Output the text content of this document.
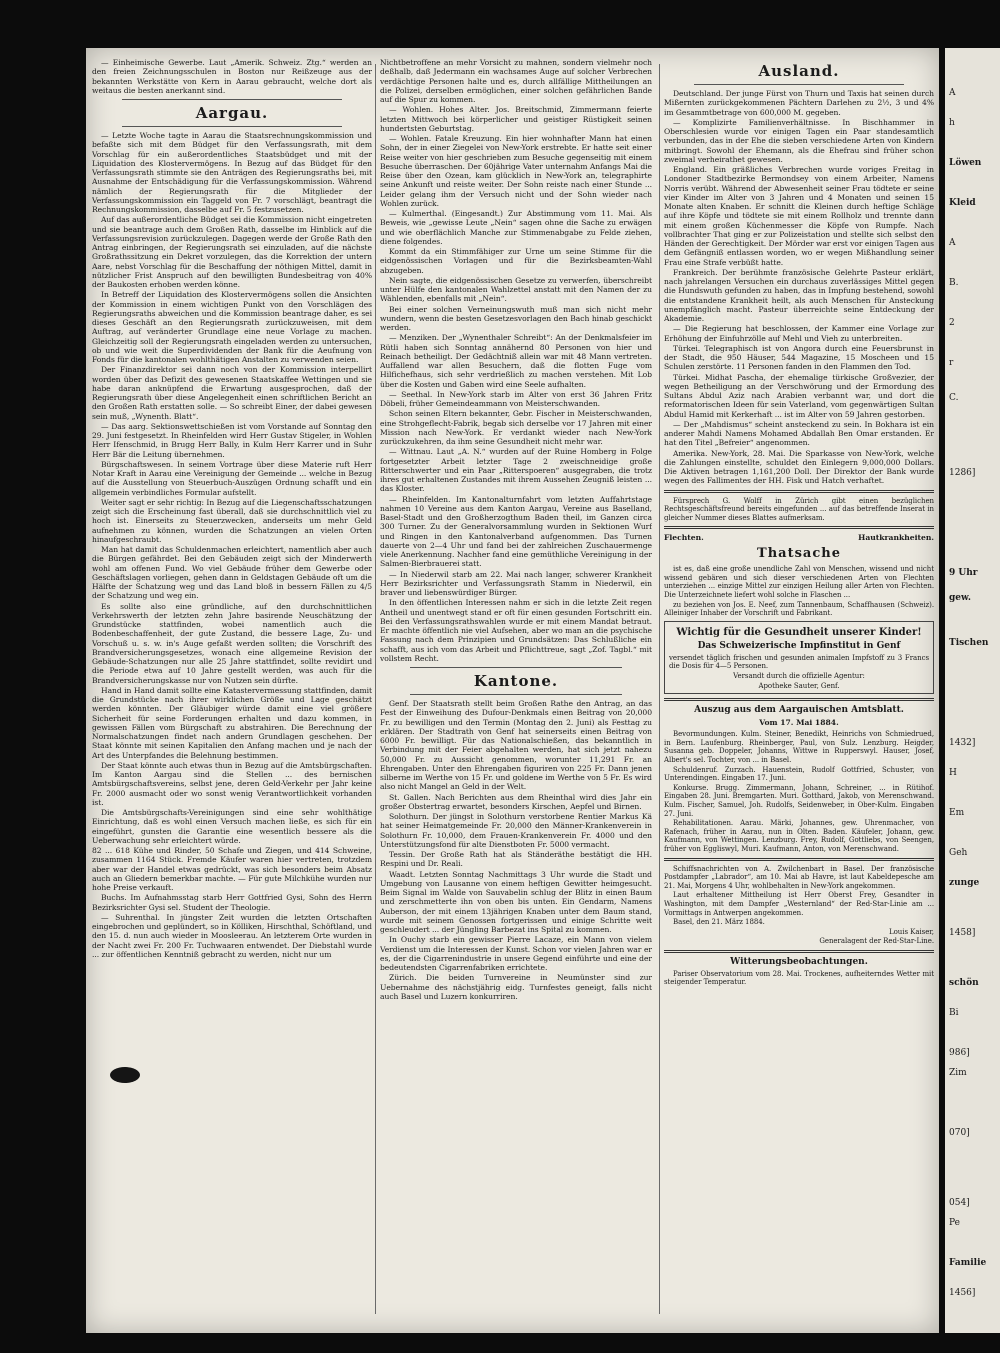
— Einheimische Gewerbe. Laut „Amerik. Schweiz. Ztg.“ werden an den freien Zeichnungsschulen in Boston nur Reißzeuge aus der bekannten Werkstätte von Kern in Aarau gebraucht, welche dort als weitaus die besten anerkannt sind.

Aargau.

— Letzte Woche tagte in Aarau die Staatsrechnungskommission und befaßte sich mit dem Büdget für den Verfassungsrath, mit dem Vorschlag für ein außerordentliches Staatsbüdget und mit der Liquidation des Klostervermögens. In Bezug auf das Büdget für den Verfassungsrath stimmte sie den Anträgen des Regierungsraths bei, mit Ausnahme der Entschädigung für die Verfassungskommission. Während nämlich der Regierungsrath für die Mitglieder der Verfassungskommission ein Taggeld von Fr. 7 vorschlägt, beantragt die Rechnungskommission, dasselbe auf Fr. 5 festzusetzen.

Auf das außerordentliche Büdget sei die Kommission nicht eingetreten und sie beantrage auch dem Großen Rath, dasselbe im Hinblick auf die Verfassungsrevision zurückzulegen. Dagegen werde der Große Rath den Antrag einbringen, der Regierungsrath sei einzuladen, auf die nächste Großrathssitzung ein Dekret vorzulegen, das die Korrektion der untern Aare, nebst Vorschlag für die Beschaffung der nöthigen Mittel, damit in nützlicher Frist Anspruch auf den bewilligten Bundesbeitrag von 40% der Baukosten erhoben werden könne.

In Betreff der Liquidation des Klostervermögens sollen die Ansichten der Kommission in einem wichtigen Punkt von den Vorschlägen des Regierungsraths abweichen und die Kommission beantrage daher, es sei dieses Geschäft an den Regierungsrath zurückzuweisen, mit dem Auftrag, auf veränderter Grundlage eine neue Vorlage zu machen. Gleichzeitig soll der Regierungsrath eingeladen werden zu untersuchen, ob und wie weit die Superdividenden der Bank für die Aeufnung von Fonds für die kantonalen wohlthätigen Anstalten zu verwenden seien.

Der Finanzdirektor sei dann noch von der Kommission interpellirt worden über das Defizit des gewesenen Staatskaffee Wettingen und sie habe daran anknüpfend die Erwartung ausgesprochen, daß der Regierungsrath über diese Angelegenheit einen schriftlichen Bericht an den Großen Rath erstatten solle. — So schreibt Einer, der dabei gewesen sein muß, „Wynenth. Blatt“.

— Das aarg. Sektionswettschießen ist vom Vorstande auf Sonntag den 29. Juni festgesetzt. In Rheinfelden wird Herr Gustav Stigeler, in Wohlen Herr Ifenschmid, in Brugg Herr Bally, in Kulm Herr Karrer und in Suhr Herr Bär die Leitung übernehmen.

Bürgschaftswesen. In seinem Vortrage über diese Materie ruft Herr Notar Kraft in Aarau eine Vereinigung der Gemeinde ... welche in Bezug auf die Ausstellung von Steuerbuch-Auszügen Ordnung schafft und ein allgemein verbindliches Formular aufstellt.

Weiter sagt er sehr richtig: In Bezug auf die Liegenschaftsschatzungen zeigt sich die Erscheinung fast überall, daß sie durchschnittlich viel zu hoch ist. Einerseits zu Steuerzwecken, anderseits um mehr Geld aufnehmen zu können, wurden die Schatzungen an vielen Orten hinaufgeschraubt.

Man hat damit das Schuldenmachen erleichtert, namentlich aber auch die Bürgen gefährdet. Bei den Gebäuden zeigt sich der Minderwerth wohl am offenen Fund. Wo viel Gebäude früher dem Gewerbe oder Geschäftslagen vorliegen, gehen dann in Geldstagen Gebäude oft um die Hälfte der Schatzung weg und das Land bloß in bessern Fällen zu 4/5 der Schatzung und weg ein.

Es sollte also eine gründliche, auf den durchschnittlichen Verkehrswerth der letzten zehn Jahre basirende Neuschätzung der Grundstücke stattfinden, wobei namentlich auch die Bodenbeschaffenheit, der gute Zustand, die bessere Lage, Zu- und Vorschuß u. s. w. in's Auge gefaßt werden sollten; die Vorschrift des Brandversicherungsgesetzes, wonach eine allgemeine Revision der Gebäude-Schatzungen nur alle 25 Jahre stattfindet, sollte revidirt und die Periode etwa auf 10 Jahre gestellt werden, was auch für die Brandversicherungskasse nur von Nutzen sein dürfte.

Hand in Hand damit sollte eine Katastervermessung stattfinden, damit die Grundstücke nach ihrer wirklichen Größe und Lage geschätzt werden könnten. Der Gläubiger würde damit eine viel größere Sicherheit für seine Forderungen erhalten und dazu kommen, in gewissen Fällen vom Bürgschaft zu abstrahiren. Die Berechnung der Normalschatzungen findet nach andern Grundlagen geschehen. Der Staat könnte mit seinen Kapitalien den Anfang machen und je nach der Art des Unterpfandes die Belehnung bestimmen.

Der Staat könnte auch etwas thun in Bezug auf die Amtsbürgschaften. Im Kanton Aargau sind die Stellen ... des bernischen Amtsbürgschaftsvereins, selbst jene, deren Geld-Verkehr per Jahr keine Fr. 2000 ausmacht oder wo sonst wenig Verantwortlichkeit vorhanden ist.

Die Amtsbürgschafts-Vereinigungen sind eine sehr wohlthätige Einrichtung, daß es wohl einen Versuch machen ließe, es sich für ein eingeführt, gunsten die Garantie eine wesentlich bessere als die Ueberwachung sehr erleichtert würde.

82 ... 618 Kühe und Rinder, 50 Schafe und Ziegen, und 414 Schweine, zusammen 1164 Stück. Fremde Käufer waren hier vertreten, trotzdem aber war der Handel etwas gedrückt, was sich besonders beim Absatz auch an Gliedern bemerkbar machte. — Für gute Milchkühe wurden nur hohe Preise verkauft.

Buchs. Im Aufnahmsstag starb Herr Gottfried Gysi, Sohn des Herrn Bezirksrichter Gysi sel. Student der Theologie.

— Suhrenthal. In jüngster Zeit wurden die letzten Ortschaften eingebrochen und geplündert, so in Kölliken, Hirschthal, Schöftland, und den 15. d. nun auch wieder in Moosleerau. An letzterem Orte wurden in der Nacht zwei Fr. 200 Fr. Tuchwaaren entwendet. Der Diebstahl wurde ... zur öffentlichen Kenntniß gebracht zu werden, nicht nur um

Nichtbetroffene an mehr Vorsicht zu mahnen, sondern vielmehr noch deßhalb, daß Jedermann ein wachsames Auge auf solcher Verbrechen verdächtige Personen halte und es, durch allfällige Mittheilungen an die Polizei, derselben ermöglichen, einer solchen gefährlichen Bande auf die Spur zu kommen.

— Wohlen. Hohes Alter. Jos. Breitschmid, Zimmermann feierte letzten Mittwoch bei körperlicher und geistiger Rüstigkeit seinen hundertsten Geburtstag.

— Wohlen. Fatale Kreuzung. Ein hier wohnhafter Mann hat einen Sohn, der in einer Ziegelei von New-York erstrebte. Er hatte seit einer Reise weiter von hier geschrieben zum Besuche gegenseitig mit einem Besuche überraschen. Der 60jährige Vater unternahm Anfangs Mai die Reise über den Ozean, kam glücklich in New-York an, telegraphirte seine Ankunft und reiste weiter. Der Sohn reiste nach einer Stunde ... Leider gelang ihm der Versuch nicht und der Sohn wieder nach Wohlen zurück.

— Kulmerthal. (Eingesandt.) Zur Abstimmung vom 11. Mai. Als Beweis, wie „gewisse Leute „Nein“ sagen ohne die Sache zu erwägen und wie oberflächlich Manche zur Stimmenabgabe zu Felde ziehen, diene folgendes.

Kommt da ein Stimmfähiger zur Urne um seine Stimme für die eidgenössischen Vorlagen und für die Bezirksbeamten-Wahl abzugeben.

Nein sagte, die eidgenössischen Gesetze zu verwerfen, überschreibt unter Hülfe den kantonalen Wahlzettel anstatt mit den Namen der zu Wählenden, ebenfalls mit „Nein“.

Bei einer solchen Verneinungswuth muß man sich nicht mehr wundern, wenn die besten Gesetzesvorlagen den Bach hinab geschickt werden.

— Menziken. Der „Wynenthaler Schreibt“: An der Denkmalsfeier im Rütli haben sich Sonntag annähernd 80 Personen von hier und Reinach betheiligt. Der Gedächtniß allein war mit 48 Mann vertreten. Auffallend war allen Besuchern, daß die flotten Fuge vom Hilfichefhaus, sich sehr verdrießlich zu machen verstehen. Mit Lob über die Kosten und Gaben wird eine Seele aufhalten.

— Seethal. In New-York starb im Alter von erst 36 Jahren Fritz Döbeli, früher Gemeindeammann von Meisterschwanden.

Schon seinen Eltern bekannter, Gebr. Fischer in Meisterschwanden, eine Strohgeflecht-Fabrik, begab sich derselbe vor 17 Jahren mit einer Mission nach New-York. Er verdankt wieder nach New-York zurückzukehren, da ihm seine Gesundheit nicht mehr war.

— Wittnau. Laut „A. N.“ wurden auf der Ruine Homberg in Folge fortgesetzter Arbeit letzter Tage 2 zweischneidige große Ritterschwerter und ein Paar „Ritterspoeren“ ausgegraben, die trotz ihres gut erhaltenen Zustandes mit ihrem Aussehen Zeugniß leisten ... das Kloster.

— Rheinfelden. Im Kantonalturnfahrt vom letzten Auffahrtstage nahmen 10 Vereine aus dem Kanton Aargau, Vereine aus Baselland, Basel-Stadt und den Großherzogthum Baden theil, im Ganzen circa 300 Turner. Zu der Generalvorsammlung wurden in Sektionen Wurf und Ringen in den Kantonalverband aufgenommen. Das Turnen dauerte von 2—4 Uhr und fand bei der zahlreichen Zuschauermenge viele Anerkennung. Nachher fand eine gemüthliche Vereinigung in der Salmen-Bierbrauerei statt.

— In Niederwil starb am 22. Mai nach langer, schwerer Krankheit Herr Bezirksrichter und Verfassungsrath Stamm in Niederwil, ein braver und liebenswürdiger Bürger.

In den öffentlichen Interessen nahm er sich in die letzte Zeit regen Antheil und unentwegt stand er oft für einen gesunden Fortschritt ein. Bei den Verfassungsrathswahlen wurde er mit einem Mandat betraut. Er machte öffentlich nie viel Aufsehen, aber wo man an die psychische Fassung nach dem Prinzipien und Grundsätzen: Das Schlußliche ein schafft, aus ich vom das Arbeit und Pflichttreue, sagt „Zof. Tagbl.“ mit vollstem Recht.

Kantone.

Genf. Der Staatsrath stellt beim Großen Rathe den Antrag, an das Fest der Einweihung des Dufour-Denkmals einen Beitrag von 20,000 Fr. zu bewilligen und den Termin (Montag den 2. Juni) als Festtag zu erklären. Der Stadtrath von Genf hat seinerseits einen Beitrag von 6000 Fr. bewilligt. Für das Nationalschießen, das bekanntlich in Verbindung mit der Feier abgehalten werden, hat sich jetzt nahezu 50,000 Fr. zu Aussicht genommen, worunter 11,291 Fr. an Ehrengaben. Unter den Ehrengaben figuriren von 225 Fr. Dann jenen silberne im Werthe von 15 Fr. und goldene im Werthe von 5 Fr. Es wird also nicht Mangel an Geld in der Welt.

St. Gallen. Nach Berichten aus dem Rheinthal wird dies Jahr ein großer Obstertrag erwartet, besonders Kirschen, Aepfel und Birnen.

Solothurn. Der jüngst in Solothurn verstorbene Rentier Markus Kä hat seiner Heimatgemeinde Fr. 20,000 den Männer-Krankenverein in Solothurn Fr. 10,000, dem Frauen-Krankenverein Fr. 4000 und den Unterstützungsfond für alte Dienstboten Fr. 5000 vermacht.

Tessin. Der Große Rath hat als Ständeräthe bestätigt die HH. Respini und Dr. Reali.

Waadt. Letzten Sonntag Nachmittags 3 Uhr wurde die Stadt und Umgebung von Lausanne von einem heftigen Gewitter heimgesucht. Beim Signal im Walde von Sauvabelin schlug der Blitz in einen Baum und zerschmetterte ihn von oben bis unten. Ein Gendarm, Namens Auberson, der mit einem 13jährigen Knaben unter dem Baum stand, wurde mit seinem Genossen fortgerissen und einige Schritte weit geschleudert ... der Jüngling Barbezat ins Spital zu kommen.

In Ouchy starb ein gewisser Pierre Lacaze, ein Mann von vielem Verdienst um die Interessen der Kunst. Schon vor vielen Jahren war er es, der die Cigarrenindustrie in unsere Gegend einführte und eine der bedeutendsten Cigarrenfabriken errichtete.

Zürich. Die beiden Turnvereine in Neumünster sind zur Uebernahme des nächstjährig eidg. Turnfestes geneigt, falls nicht auch Basel und Luzern konkurriren.

Ausland.

Deutschland. Der junge Fürst von Thurn und Taxis hat seinen durch Mißernten zurückgekommenen Pächtern Darlehen zu 2½, 3 und 4% im Gesammtbetrage von 600,000 M. gegeben.

— Komplizirte Familienverhältnisse. In Bischhammer in Oberschlesien wurde vor einigen Tagen ein Paar standesamtlich verbunden, das in der Ehe die sieben verschiedene Arten von Kindern mitbringt. Sowohl der Ehemann, als die Ehefrau sind früher schon zweimal verheirathet gewesen.

England. Ein gräßliches Verbrechen wurde voriges Freitag in Londoner Stadtbezirke Bermondsey von einem Arbeiter, Namens Norris verübt. Während der Abwesenheit seiner Frau tödtete er seine vier Kinder im Alter von 3 Jahren und 4 Monaten und seinen 15 Monate alten Knaben. Er schnitt die Kleinen durch heftige Schläge auf ihre Köpfe und tödtete sie mit einem Rollholz und trennte dann mit einem großen Küchenmesser die Köpfe von Rumpfe. Nach vollbrachter That ging er zur Polizeistation und stellte sich selbst den Händen der Gerechtigkeit. Der Mörder war erst vor einigen Tagen aus dem Gefängniß entlassen worden, wo er wegen Mißhandlung seiner Frau eine Strafe verbüßt hatte.

Frankreich. Der berühmte französische Gelehrte Pasteur erklärt, nach jahrelangen Versuchen ein durchaus zuverlässiges Mittel gegen die Hundswuth gefunden zu haben, das in Impfung bestehend, sowohl die entstandene Krankheit heilt, als auch Menschen für Ansteckung unempfänglich macht. Pasteur überreichte seine Entdeckung der Akademie.

— Die Regierung hat beschlossen, der Kammer eine Vorlage zur Erhöhung der Einfuhrzölle auf Mehl und Vieh zu unterbreiten.

Türkei. Telegraphisch ist von Angora durch eine Feuersbrunst in der Stadt, die 950 Häuser, 544 Magazine, 15 Moscheen und 15 Schulen zerstörte. 11 Personen fanden in den Flammen den Tod.

Türkei. Midhat Pascha, der ehemalige türkische Großvezier, der wegen Betheiligung an der Verschwörung und der Ermordung des Sultans Abdul Aziz nach Arabien verbannt war, und dort die reformatorischen Ideen für sein Vaterland, vom gegenwärtigen Sultan Abdul Hamid mit Kerkerhaft ... ist im Alter von 59 Jahren gestorben.

— Der „Mahdismus“ scheint ansteckend zu sein. In Bokhara ist ein anderer Mahdi Namens Mohamed Abdallah Ben Omar erstanden. Er hat den Titel „Befreier“ angenommen.

Amerika. New-York, 28. Mai. Die Sparkasse von New-York, welche die Zahlungen einstellte, schuldet den Einlegern 9,000,000 Dollars. Die Aktiven betragen 1,161,200 Doll. Der Direktor der Bank wurde wegen des Fallimentes der HH. Fisk und Hatch verhaftet.

Fürsprech G. Wolff in Zürich gibt einen bezüglichen Rechtsgeschäftsfreund bereits eingefunden ... auf das betreffende Inserat in gleicher Nummer dieses Blattes aufmerksam.

Flechten.	Hautkrankheiten.
Thatsache

ist es, daß eine große unendliche Zahl von Menschen, wissend und nicht wissend gebären und sich dieser verschiedenen Arten von Flechten unterziehen ... einzige Mittel zur einzigen Heilung aller Arten von Flechten. Die Unterzeichnete liefert wohl solche in Flaschen ...

zu beziehen von Jos. E. Neef, zum Tannenbaum, Schaffhausen (Schweiz). Alleiniger Inhaber der Vorschrift und Fabrikant.

Wichtig für die Gesundheit unserer Kinder!
Das Schweizerische Impfinstitut in Genf

versendet täglich frischen und gesunden animalen Impfstoff zu 3 Francs die Dosis für 4—5 Personen.

Versandt durch die offizielle Agentur:

Apotheke Sauter, Genf.

Auszug aus dem Aargauischen Amtsblatt.
Vom 17. Mai 1884.

Bevormundungen. Kulm. Steiner, Benedikt, Heinrichs von Schmiedrued, in Bern. Laufenburg. Rheinberger, Paul, von Sulz. Lenzburg. Heigder, Susanna geb. Doppeler, Johanns, Wittwe in Rupperswyl. Hauser, Josef, Albert's sel. Tochter, von ... in Basel.

Schuldenruf. Zurzach. Hauenstein, Rudolf Gottfried, Schuster, von Unterendingen. Eingaben 17. Juni.

Konkurse. Brugg. Zimmermann, Johann, Schreiner, ... in Rütihof. Eingaben 28. Juni. Bremgarten. Muri. Gotthard, Jakob, von Merenschwand. Kulm. Fischer, Samuel, Joh. Rudolfs, Seidenweber, in Ober-Kulm. Eingaben 27. Juni.

Rehabilitationen. Aarau. Märki, Johannes, gew. Uhrenmacher, von Rafenach, früher in Aarau, nun in Olten. Baden. Käufeler, Johann, gew. Kaufmann, von Wettingen. Lenzburg. Frey, Rudolf, Gottliebs, von Seengen, früher von Eggliswyl, Muri. Kaufmann, Anton, von Merenschwand.

Schiffsnachrichten von A. Zwilchenbart in Basel. Der französische Postdampfer „Labrador“, am 10. Mai ab Havre, ist laut Kabeldepesche am 21. Mai, Morgens 4 Uhr, wohlbehalten in New-York angekommen.

Laut erhaltener Mittheilung ist Herr Oberst Frey, Gesandter in Washington, mit dem Dampfer „Westernland“ der Red-Star-Linie am ... Vormittags in Antwerpen angekommen.

Basel, den 21. März 1884.

Louis Kaiser,

Generalagent der Red-Star-Line.

Witterungsbeobachtungen.

Pariser Observatorium vom 28. Mai. Trockenes, aufheiterndes Wetter mit steigender Temperatur.

A
h
Löwen
Kleid
A
B.
2
r
C.
1286]
9 Uhr
gew.
Tischen
1432]
H
Em
Geh
zunge
1458]
schön
Bi
986]
Zim
070]
054]
Pe
Familie
1456]
